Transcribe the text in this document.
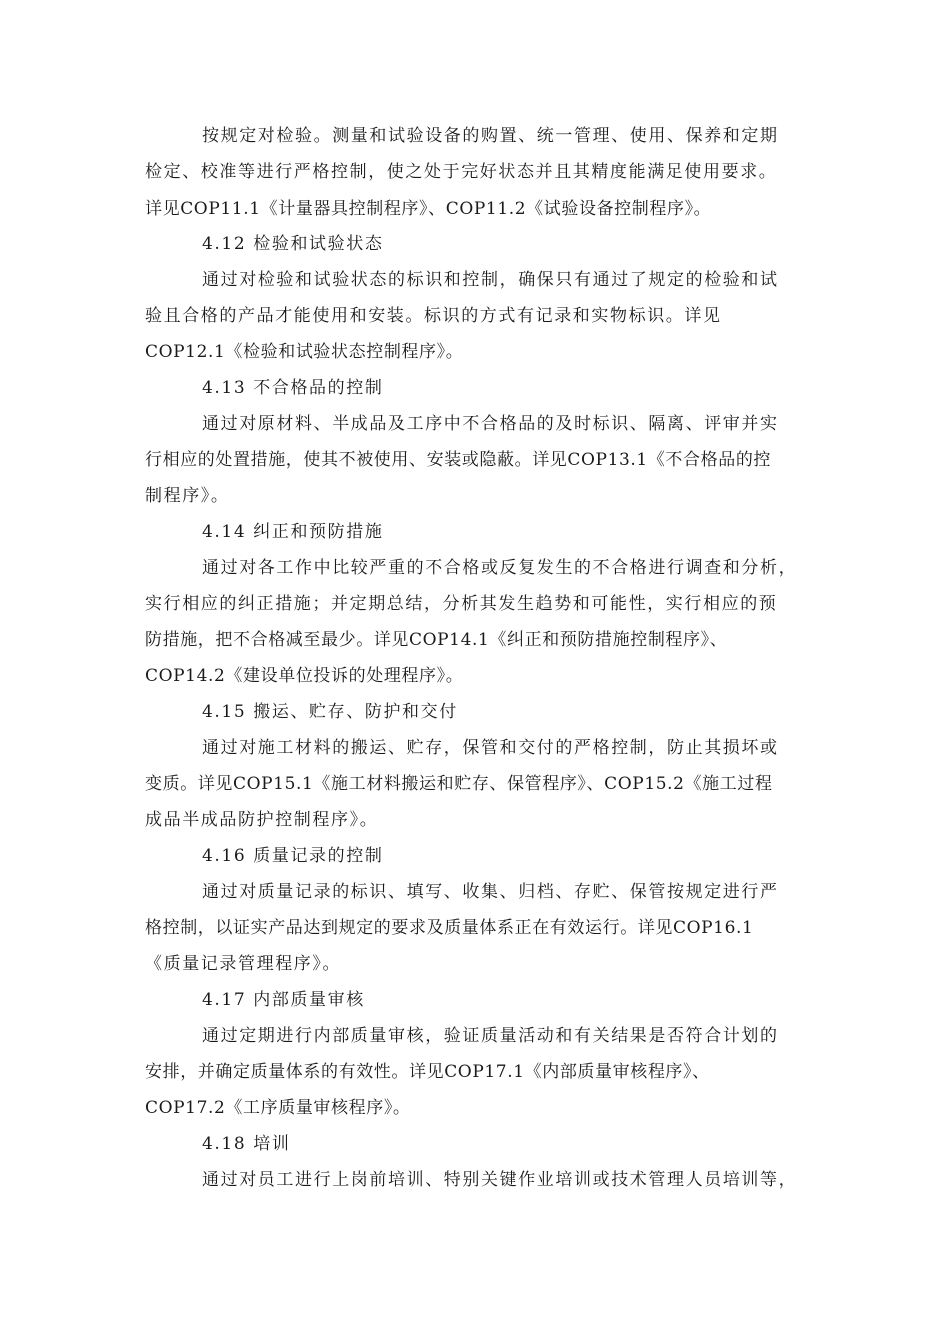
按规定对检验。测量和试验设备的购置、统一管理、使用、保养和定期
检定、校准等进行严格控制，使之处于完好状态并且其精度能满足使用要求。
详见COP11.1《计量器具控制程序》、COP11.2《试验设备控制程序》。
4.12 检验和试验状态
通过对检验和试验状态的标识和控制，确保只有通过了规定的检验和试
验且合格的产品才能使用和安装。标识的方式有记录和实物标识。详见
COP12.1《检验和试验状态控制程序》。
4.13 不合格品的控制
通过对原材料、半成品及工序中不合格品的及时标识、隔离、评审并实
行相应的处置措施，使其不被使用、安装或隐蔽。详见COP13.1《不合格品的控
制程序》。
4.14 纠正和预防措施
通过对各工作中比较严重的不合格或反复发生的不合格进行调查和分析，
实行相应的纠正措施；并定期总结，分析其发生趋势和可能性，实行相应的预
防措施，把不合格减至最少。详见COP14.1《纠正和预防措施控制程序》、
COP14.2《建设单位投诉的处理程序》。
4.15 搬运、贮存、防护和交付
通过对施工材料的搬运、贮存，保管和交付的严格控制，防止其损坏或
变质。详见COP15.1《施工材料搬运和贮存、保管程序》、COP15.2《施工过程
成品半成品防护控制程序》。
4.16 质量记录的控制
通过对质量记录的标识、填写、收集、归档、存贮、保管按规定进行严
格控制，以证实产品达到规定的要求及质量体系正在有效运行。详见COP16.1
《质量记录管理程序》。
4.17 内部质量审核
通过定期进行内部质量审核，验证质量活动和有关结果是否符合计划的
安排，并确定质量体系的有效性。详见COP17.1《内部质量审核程序》、
COP17.2《工序质量审核程序》。
4.18 培训
通过对员工进行上岗前培训、特别关键作业培训或技术管理人员培训等，
